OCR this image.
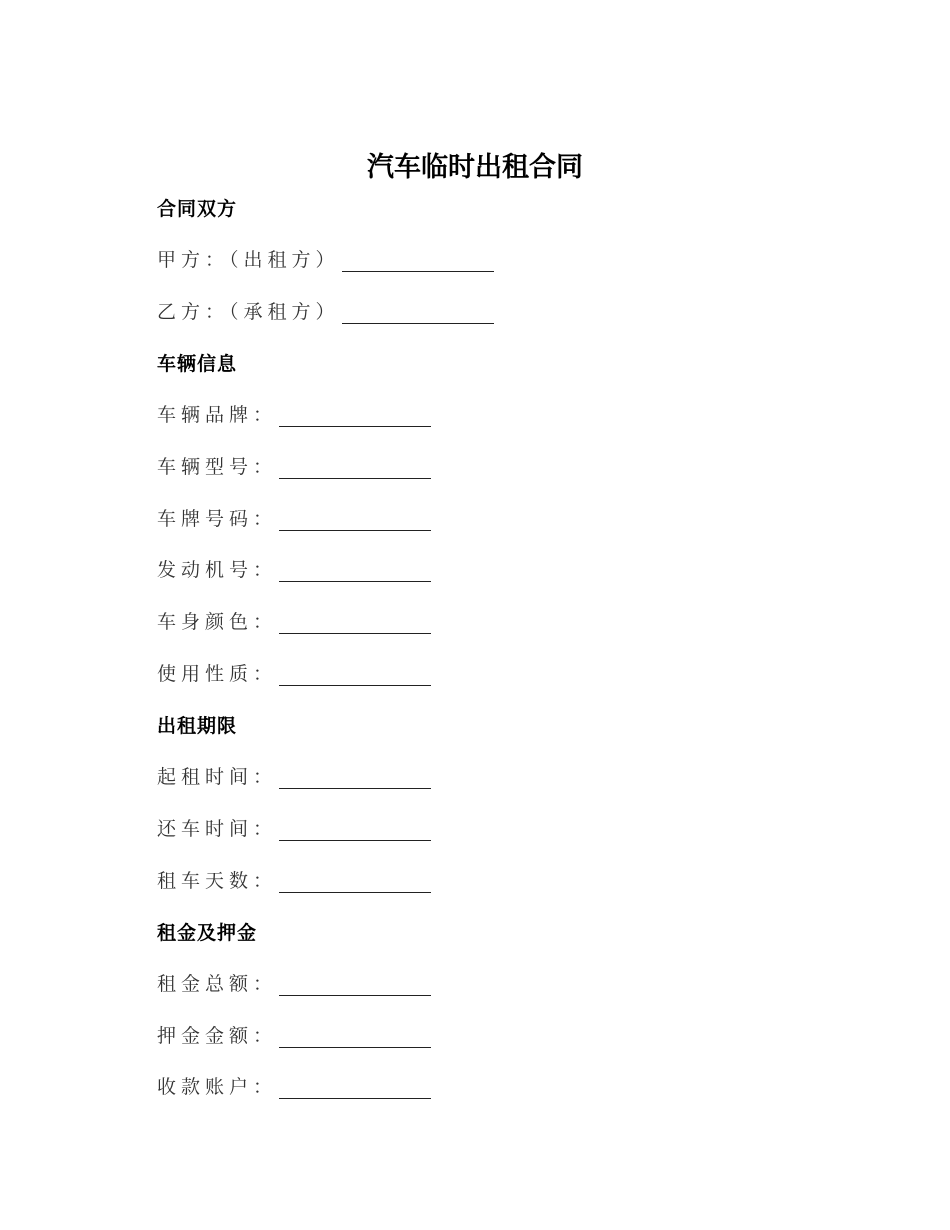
汽车临时出租合同
合同双方
甲方：（出租方）
乙方：（承租方）
车辆信息
车辆品牌：
车辆型号：
车牌号码：
发动机号：
车身颜色：
使用性质：
出租期限
起租时间：
还车时间：
租车天数：
租金及押金
租金总额：
押金金额：
收款账户：
